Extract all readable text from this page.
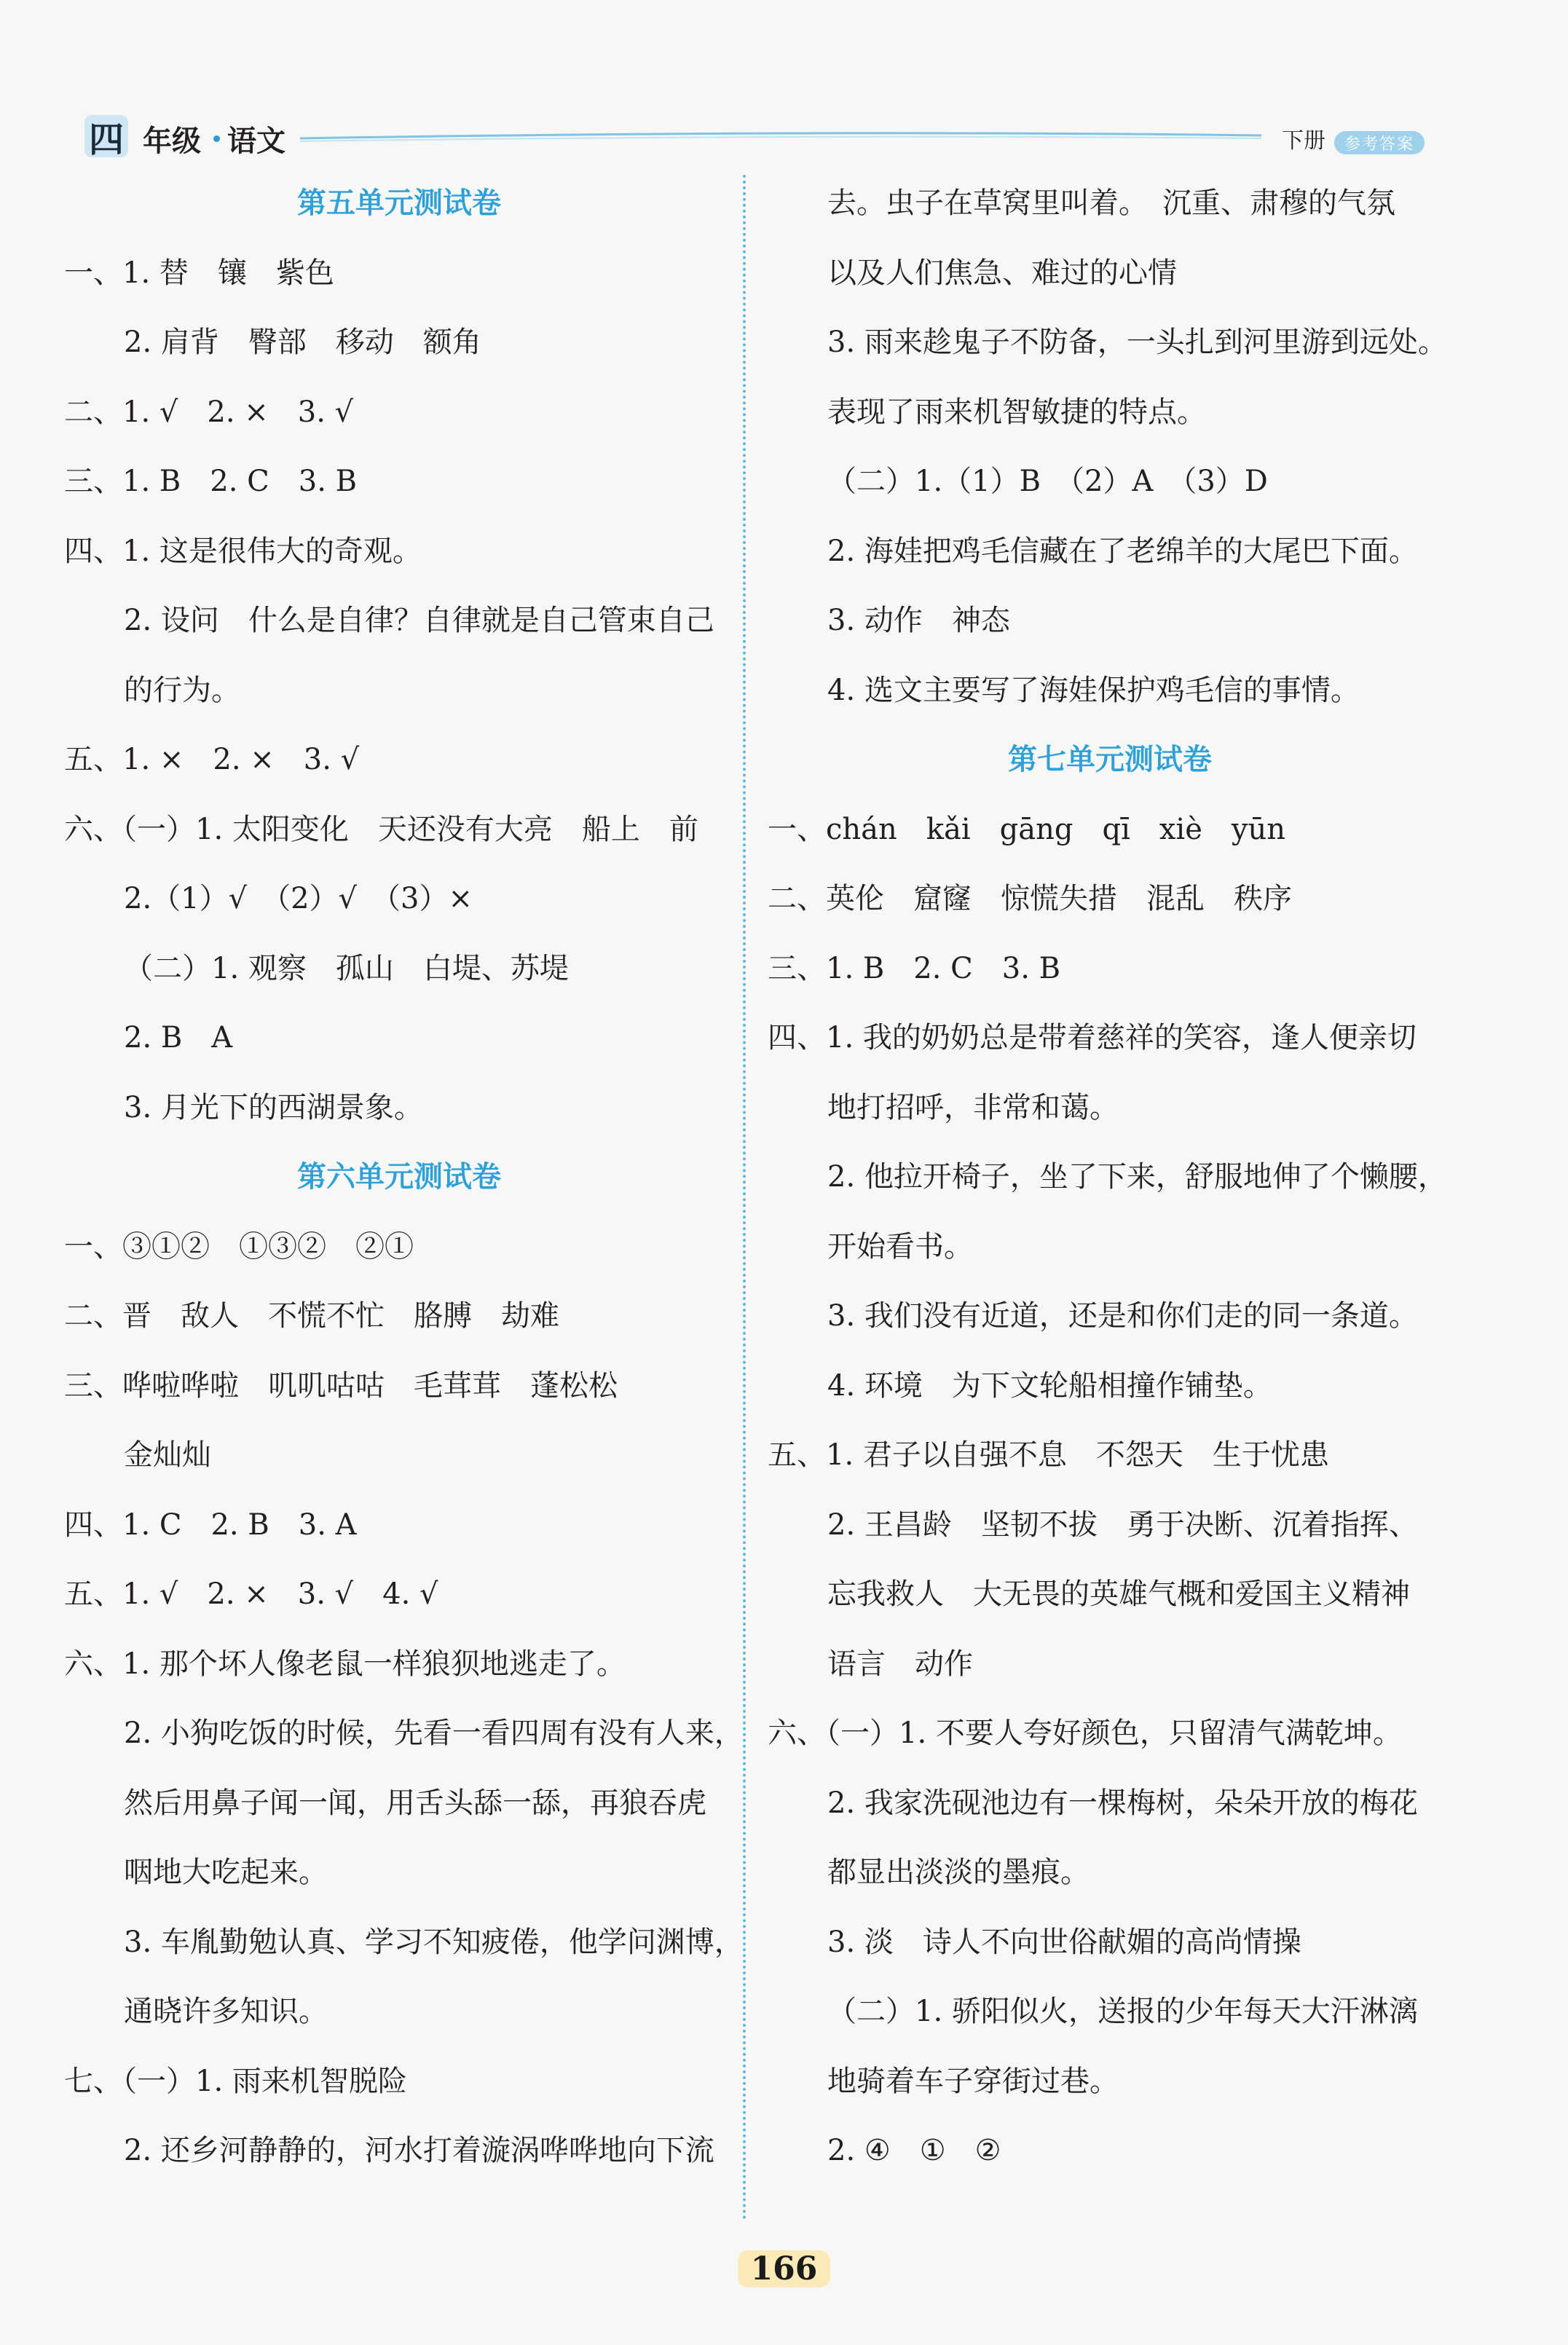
四 年级 语文	下册	参考答案
第五单元测试卷
一、1. 替　镶　紫色
2. 肩背　臀部　移动　额角
二、1. √　2. ×　3. √
三、1. B　2. C　3. B
四、1. 这是很伟大的奇观。
2. 设问　什么是自律？自律就是自己管束自己
的行为。
五、1. ×　2. ×　3. √
六、（一）1. 太阳变化　天还没有大亮　船上　前
2.（1）√　（2）√　（3）×
（二）1. 观察　孤山　白堤、苏堤
2. B　A
3. 月光下的西湖景象。
第六单元测试卷
一、③①②　①③②　②①
二、晋　敌人　不慌不忙　胳膊　劫难
三、哗啦哗啦　叽叽咕咕　毛茸茸　蓬松松
金灿灿
四、1. C　2. B　3. A
五、1. √　2. ×　3. √　4. √
六、1. 那个坏人像老鼠一样狼狈地逃走了。
2. 小狗吃饭的时候，先看一看四周有没有人来，
然后用鼻子闻一闻，用舌头舔一舔，再狼吞虎
咽地大吃起来。
3. 车胤勤勉认真、学习不知疲倦，他学问渊博，
通晓许多知识。
七、（一）1. 雨来机智脱险
2. 还乡河静静的，河水打着漩涡哗哗地向下流
去。虫子在草窝里叫着。　沉重、肃穆的气氛
以及人们焦急、难过的心情
3. 雨来趁鬼子不防备，一头扎到河里游到远处。
表现了雨来机智敏捷的特点。
（二）1.（1）B　（2）A　（3）D
2. 海娃把鸡毛信藏在了老绵羊的大尾巴下面。
3. 动作　神态
4. 选文主要写了海娃保护鸡毛信的事情。
第七单元测试卷
一、chán　kǎi　gāng　qī　xiè　yūn
二、英伦　窟窿　惊慌失措　混乱　秩序
三、1. B　2. C　3. B
四、1. 我的奶奶总是带着慈祥的笑容，逢人便亲切
地打招呼，非常和蔼。
2. 他拉开椅子，坐了下来，舒服地伸了个懒腰，
开始看书。
3. 我们没有近道，还是和你们走的同一条道。
4. 环境　为下文轮船相撞作铺垫。
五、1. 君子以自强不息　不怨天　生于忧患
2. 王昌龄　坚韧不拔　勇于决断、沉着指挥、
忘我救人　大无畏的英雄气概和爱国主义精神
语言　动作
六、（一）1. 不要人夸好颜色，只留清气满乾坤。
2. 我家洗砚池边有一棵梅树，朵朵开放的梅花
都显出淡淡的墨痕。
3. 淡　诗人不向世俗献媚的高尚情操
（二）1. 骄阳似火，送报的少年每天大汗淋漓
地骑着车子穿街过巷。
2. ④　①　②
166
